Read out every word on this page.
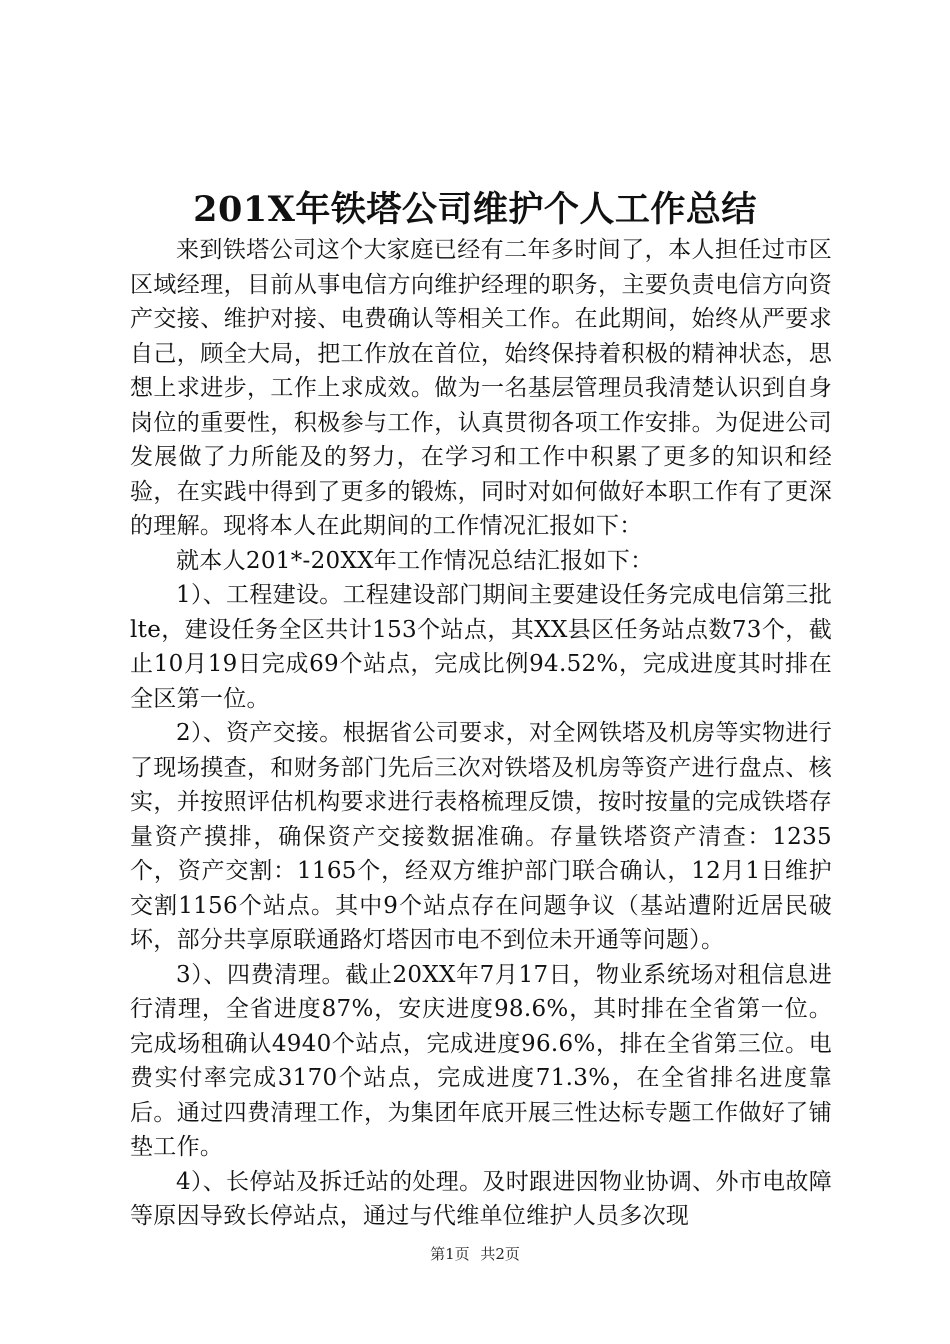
201X年铁塔公司维护个人工作总结

来到铁塔公司这个大家庭已经有二年多时间了，本人担任过市区区域经理，目前从事电信方向维护经理的职务，主要负责电信方向资产交接、维护对接、电费确认等相关工作。在此期间，始终从严要求自己，顾全大局，把工作放在首位，始终保持着积极的精神状态，思想上求进步，工作上求成效。做为一名基层管理员我清楚认识到自身岗位的重要性，积极参与工作，认真贯彻各项工作安排。为促进公司发展做了力所能及的努力，在学习和工作中积累了更多的知识和经验，在实践中得到了更多的锻炼，同时对如何做好本职工作有了更深的理解。现将本人在此期间的工作情况汇报如下：

就本人201*-20XX年工作情况总结汇报如下：

1）、工程建设。工程建设部门期间主要建设任务完成电信第三批lte，建设任务全区共计153个站点，其XX县区任务站点数73个，截止10月19日完成69个站点，完成比例94.52%，完成进度其时排在全区第一位。

2）、资产交接。根据省公司要求，对全网铁塔及机房等实物进行了现场摸查，和财务部门先后三次对铁塔及机房等资产进行盘点、核实，并按照评估机构要求进行表格梳理反馈，按时按量的完成铁塔存量资产摸排，确保资产交接数据准确。存量铁塔资产清查：1235个，资产交割：1165个，经双方维护部门联合确认，12月1日维护交割1156个站点。其中9个站点存在问题争议（基站遭附近居民破坏，部分共享原联通路灯塔因市电不到位未开通等问题）。

3）、四费清理。截止20XX年7月17日，物业系统场对租信息进行清理，全省进度87%，安庆进度98.6%，其时排在全省第一位。完成场租确认4940个站点，完成进度96.6%，排在全省第三位。电费实付率完成3170个站点，完成进度71.3%，在全省排名进度靠后。通过四费清理工作，为集团年底开展三性达标专题工作做好了铺垫工作。

4）、长停站及拆迁站的处理。及时跟进因物业协调、外市电故障等原因导致长停站点，通过与代维单位维护人员多次现

第1页 共2页
